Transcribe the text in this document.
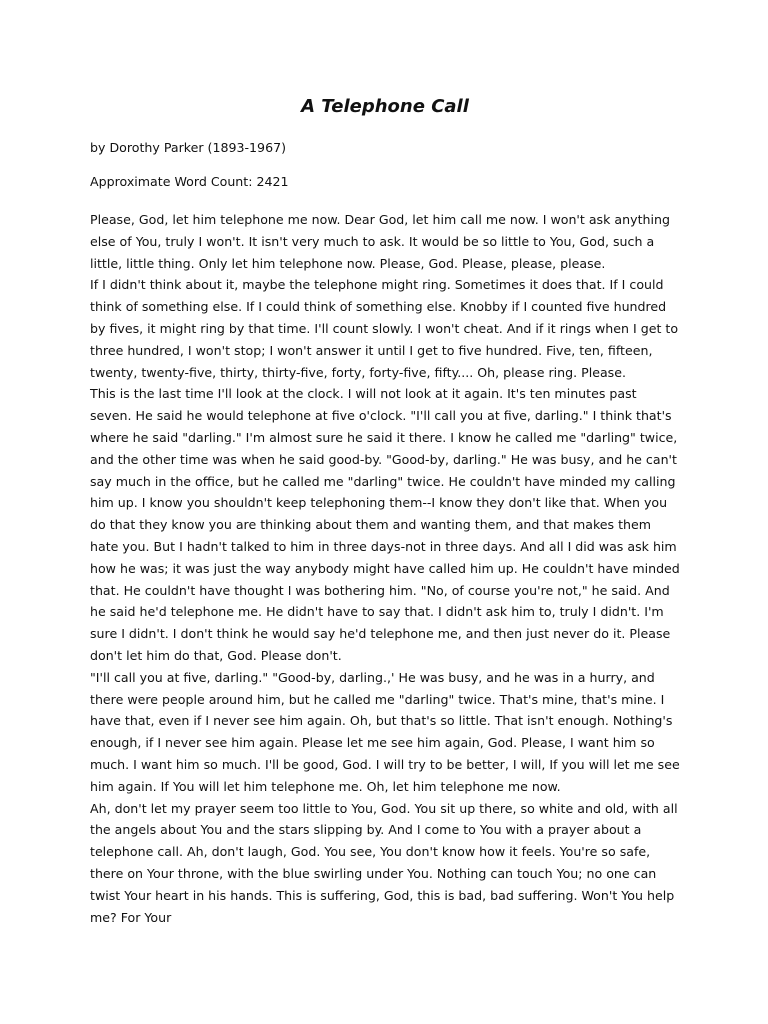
A Telephone Call

by Dorothy Parker (1893-1967)

Approximate Word Count: 2421

Please, God, let him telephone me now. Dear God, let him call me now. I won't ask anything else of You, truly I won't. It isn't very much to ask. It would be so little to You, God, such a little, little thing. Only let him telephone now. Please, God. Please, please, please.

If I didn't think about it, maybe the telephone might ring. Sometimes it does that. If I could think of something else. If I could think of something else. Knobby if I counted five hundred by fives, it might ring by that time. I'll count slowly. I won't cheat. And if it rings when I get to three hundred, I won't stop; I won't answer it until I get to five hundred. Five, ten, fifteen, twenty, twenty-five, thirty, thirty-five, forty, forty-five, fifty.... Oh, please ring. Please.

This is the last time I'll look at the clock. I will not look at it again. It's ten minutes past seven. He said he would telephone at five o'clock. "I'll call you at five, darling." I think that's where he said "darling." I'm almost sure he said it there. I know he called me "darling" twice, and the other time was when he said good-by. "Good-by, darling." He was busy, and he can't say much in the office, but he called me "darling" twice. He couldn't have minded my calling him up. I know you shouldn't keep telephoning them--I know they don't like that. When you do that they know you are thinking about them and wanting them, and that makes them hate you. But I hadn't talked to him in three days-not in three days. And all I did was ask him how he was; it was just the way anybody might have called him up. He couldn't have minded that. He couldn't have thought I was bothering him. "No, of course you're not," he said. And he said he'd telephone me. He didn't have to say that. I didn't ask him to, truly I didn't. I'm sure I didn't. I don't think he would say he'd telephone me, and then just never do it. Please don't let him do that, God. Please don't.

"I'll call you at five, darling." "Good-by, darling.,' He was busy, and he was in a hurry, and there were people around him, but he called me "darling" twice. That's mine, that's mine. I have that, even if I never see him again. Oh, but that's so little. That isn't enough. Nothing's enough, if I never see him again. Please let me see him again, God. Please, I want him so much. I want him so much. I'll be good, God. I will try to be better, I will, If you will let me see him again. If You will let him telephone me. Oh, let him telephone me now.

Ah, don't let my prayer seem too little to You, God. You sit up there, so white and old, with all the angels about You and the stars slipping by. And I come to You with a prayer about a telephone call. Ah, don't laugh, God. You see, You don't know how it feels. You're so safe, there on Your throne, with the blue swirling under You. Nothing can touch You; no one can twist Your heart in his hands. This is suffering, God, this is bad, bad suffering. Won't You help me? For Your
